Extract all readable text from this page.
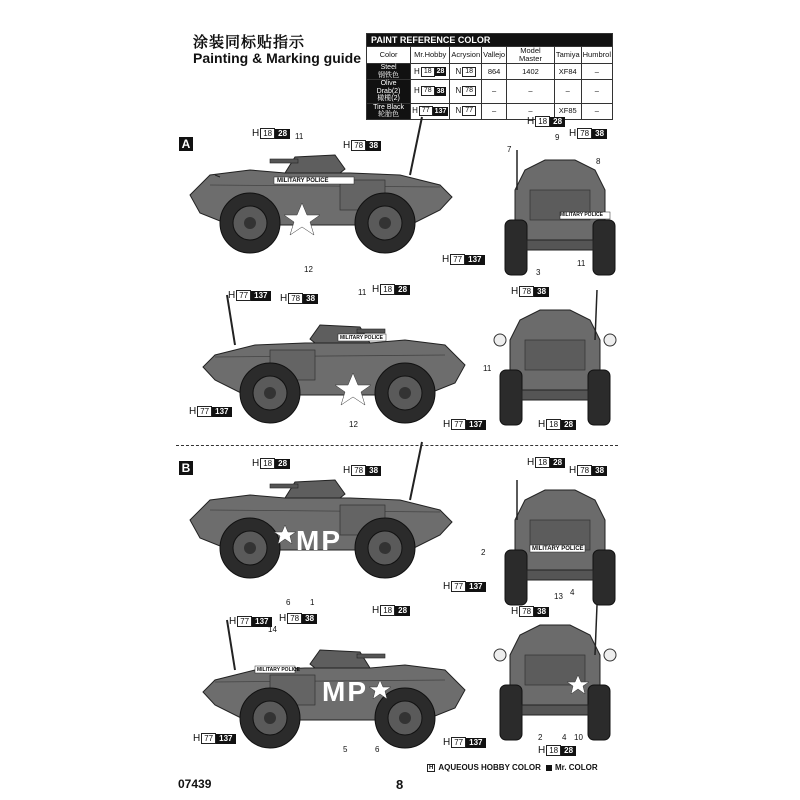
涂装同标贴指示
Painting & Marking guide
PAINT REFERENCE COLOR						
Color	Mr.Hobby	Acrysion	Vallejo	Model Master	Tamiya	Humbrol
Steel
钢铁色	H 18 28	N 18	864	1402	XF84	–
Olive Drab(2)
橄榄(2)	H 78 38	N 78	–	–	–	–
Tire Black
轮胎色	H 77 137	N 77	–	–	XF85	–
A
B
MILITARY POLICE
MILITARY POLICE
MILITARY POLICE
MILITARY POLICE
MILITARY POLICE
MP
MP
H 18 28
H 78 38
H 18 28
H 78 38
H 77 137
H 77 137	H 78 38
H 18 28	H 78 38
H 77 137
H 77 137	H 18 28
H 18 28
H 78 38
H 18 28
H 78 38
H 77 137
H 18 28
H 77 137	H 78 38
H 78 38
H 77 137	H 77 137
H 18 28
11
12
11
12
7
9
8
3
11
11
6 1
14
5	6
2
13 4
2 4 10
07439	8
H AQUEOUS HOBBY COLOR Mr. COLOR
